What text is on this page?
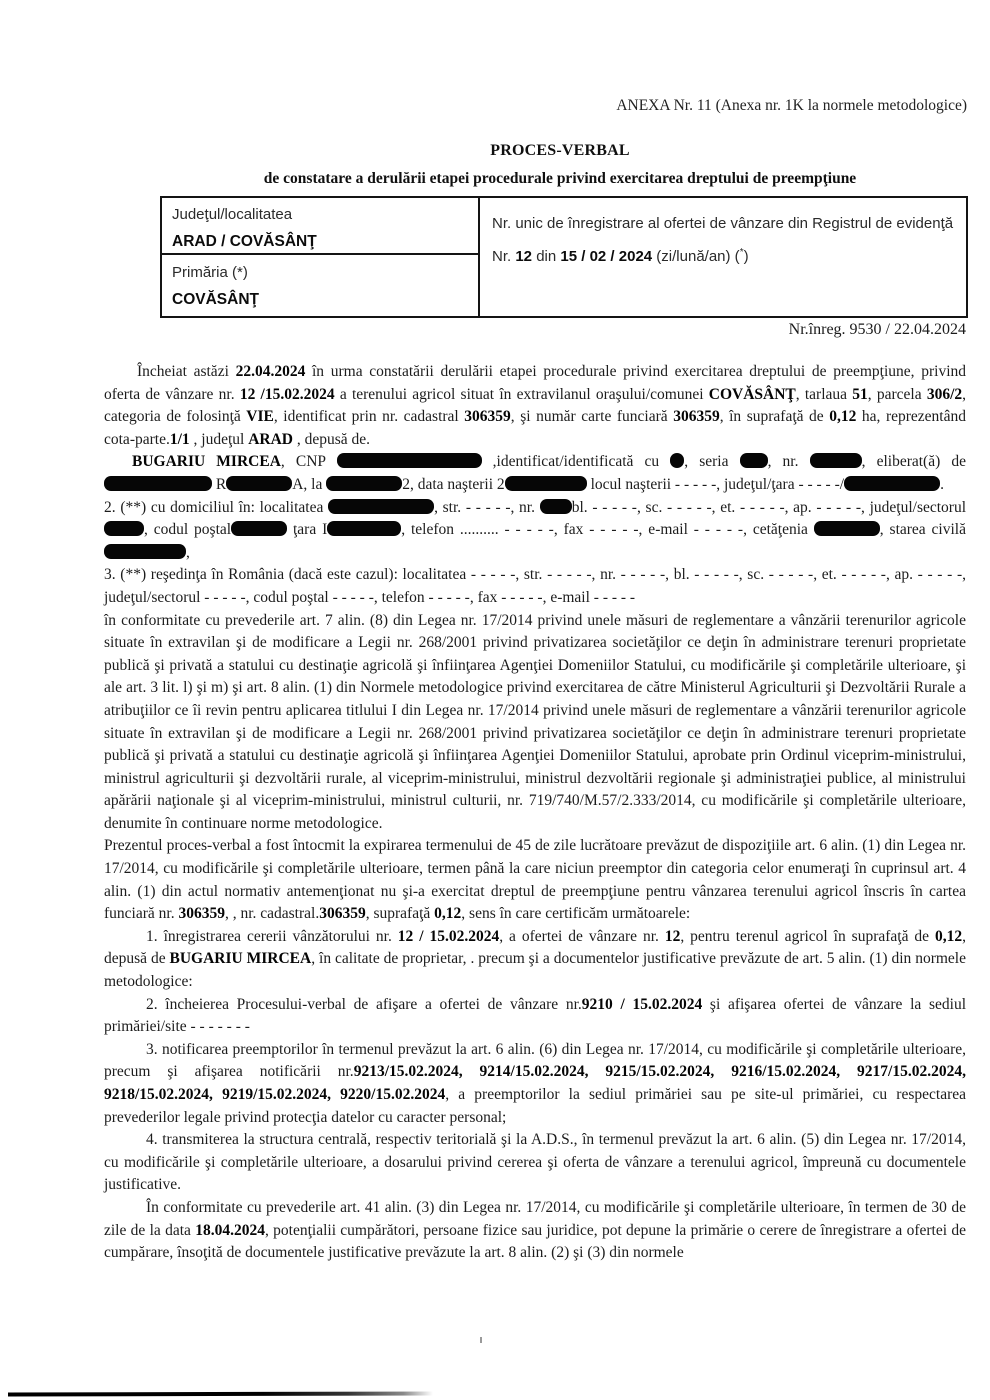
ANEXA Nr. 11 (Anexa nr. 1K la normele metodologice)
PROCES-VERBAL
de constatare a derulării etapei procedurale privind exercitarea dreptului de preempţiune
Judeţul/localitatea
ARAD / COVĂSÂNŢ
Primăria (*)
COVĂSÂNŢ
Nr. unic de înregistrare al ofertei de vânzare din Registrul de evidenţă
Nr. 12 din 15 / 02 / 2024 (zi/lună/an) (*)
Nr.înreg. 9530 / 22.04.2024

Încheiat astăzi 22.04.2024 în urma constatării derulării etapei procedurale privind exercitarea dreptului de preempţiune, privind oferta de vânzare nr. 12 /15.02.2024 a terenului agricol situat în extravilanul oraşului/comunei COVĂSÂNŢ, tarlaua 51, parcela 306/2, categoria de folosinţă VIE, identificat prin nr. cadastral 306359, şi număr carte funciară 306359, în suprafaţă de 0,12 ha, reprezentând cota-parte.1/1 , judeţul ARAD , depusă de.

BUGARIU MIRCEA, CNP	,identificat/identificată cu , seria , nr.	, eliberat(ă) de  R	A, la	2, data naşterii 2	locul naşterii - - - - -, judeţul/ţara - - - - -/	.

2. (**) cu domiciliul în: localitatea	, str. - - - - -, nr. bl. - - - - -, sc. - - - - -, et. - - - - -, ap. - - - - -, judeţul/sectorul , codul poştal	ţara I	, telefon .......... - - - - -, fax - - - - -, e-mail - - - - -, cetăţenia	, starea civilă ,

3. (**) reşedinţa în România (dacă este cazul): localitatea - - - - -, str. - - - - -, nr. - - - - -, bl. - - - - -, sc. - - - - -, et. - - - - -, ap. - - - - -, judeţul/sectorul - - - - -, codul poştal - - - - -, telefon - - - - -, fax - - - - -, e-mail - - - - -

în conformitate cu prevederile art. 7 alin. (8) din Legea nr. 17/2014 privind unele măsuri de reglementare a vânzării terenurilor agricole situate în extravilan şi de modificare a Legii nr. 268/2001 privind privatizarea societăţilor ce deţin în administrare terenuri proprietate publică şi privată a statului cu destinaţie agricolă şi înfiinţarea Agenţiei Domeniilor Statului, cu modificările şi completările ulterioare, şi ale art. 3 lit. l) şi m) şi art. 8 alin. (1) din Normele metodologice privind exercitarea de către Ministerul Agriculturii şi Dezvoltării Rurale a atribuţiilor ce îi revin pentru aplicarea titlului I din Legea nr. 17/2014 privind unele măsuri de reglementare a vânzării terenurilor agricole situate în extravilan şi de modificare a Legii nr. 268/2001 privind privatizarea societăţilor ce deţin în administrare terenuri proprietate publică şi privată a statului cu destinaţie agricolă şi înfiinţarea Agenţiei Domeniilor Statului, aprobate prin Ordinul viceprim-ministrului, ministrul agriculturii şi dezvoltării rurale, al viceprim-ministrului, ministrul dezvoltării regionale şi administraţiei publice, al ministrului apărării naţionale şi al viceprim-ministrului, ministrul culturii, nr. 719/740/M.57/2.333/2014, cu modificările şi completările ulterioare, denumite în continuare norme metodologice.

Prezentul proces-verbal a fost întocmit la expirarea termenului de 45 de zile lucrătoare prevăzut de dispoziţiile art. 6 alin. (1) din Legea nr. 17/2014, cu modificările şi completările ulterioare, termen până la care niciun preemptor din categoria celor enumeraţi în cuprinsul art. 4 alin. (1) din actul normativ antemenţionat nu şi-a exercitat dreptul de preempţiune pentru vânzarea terenului agricol înscris în cartea funciară nr. 306359, , nr. cadastral.306359, suprafaţă 0,12, sens în care certificăm următoarele:

1. înregistrarea cererii vânzătorului nr. 12 / 15.02.2024, a ofertei de vânzare nr. 12, pentru terenul agricol în suprafaţă de 0,12, depusă de BUGARIU MIRCEA, în calitate de proprietar, . precum şi a documentelor justificative prevăzute de art. 5 alin. (1) din normele metodologice:

2. încheierea Procesului-verbal de afişare a ofertei de vânzare nr.9210 / 15.02.2024 şi afişarea ofertei de vânzare la sediul primăriei/site - - - - - - -

3. notificarea preemptorilor în termenul prevăzut la art. 6 alin. (6) din Legea nr. 17/2014, cu modificările şi completările ulterioare, precum şi afişarea notificării nr.9213/15.02.2024, 9214/15.02.2024, 9215/15.02.2024, 9216/15.02.2024, 9217/15.02.2024, 9218/15.02.2024, 9219/15.02.2024, 9220/15.02.2024, a preemptorilor la sediul primăriei sau pe site-ul primăriei, cu respectarea prevederilor legale privind protecţia datelor cu caracter personal;

4. transmiterea la structura centrală, respectiv teritorială şi la A.D.S., în termenul prevăzut la art. 6 alin. (5) din Legea nr. 17/2014, cu modificările şi completările ulterioare, a dosarului privind cererea şi oferta de vânzare a terenului agricol, împreună cu documentele justificative.

În conformitate cu prevederile art. 41 alin. (3) din Legea nr. 17/2014, cu modificările şi completările ulterioare, în termen de 30 de zile de la data 18.04.2024, potenţialii cumpărători, persoane fizice sau juridice, pot depune la primărie o cerere de înregistrare a ofertei de cumpărare, însoţită de documentele justificative prevăzute la art. 8 alin. (2) şi (3) din normele
